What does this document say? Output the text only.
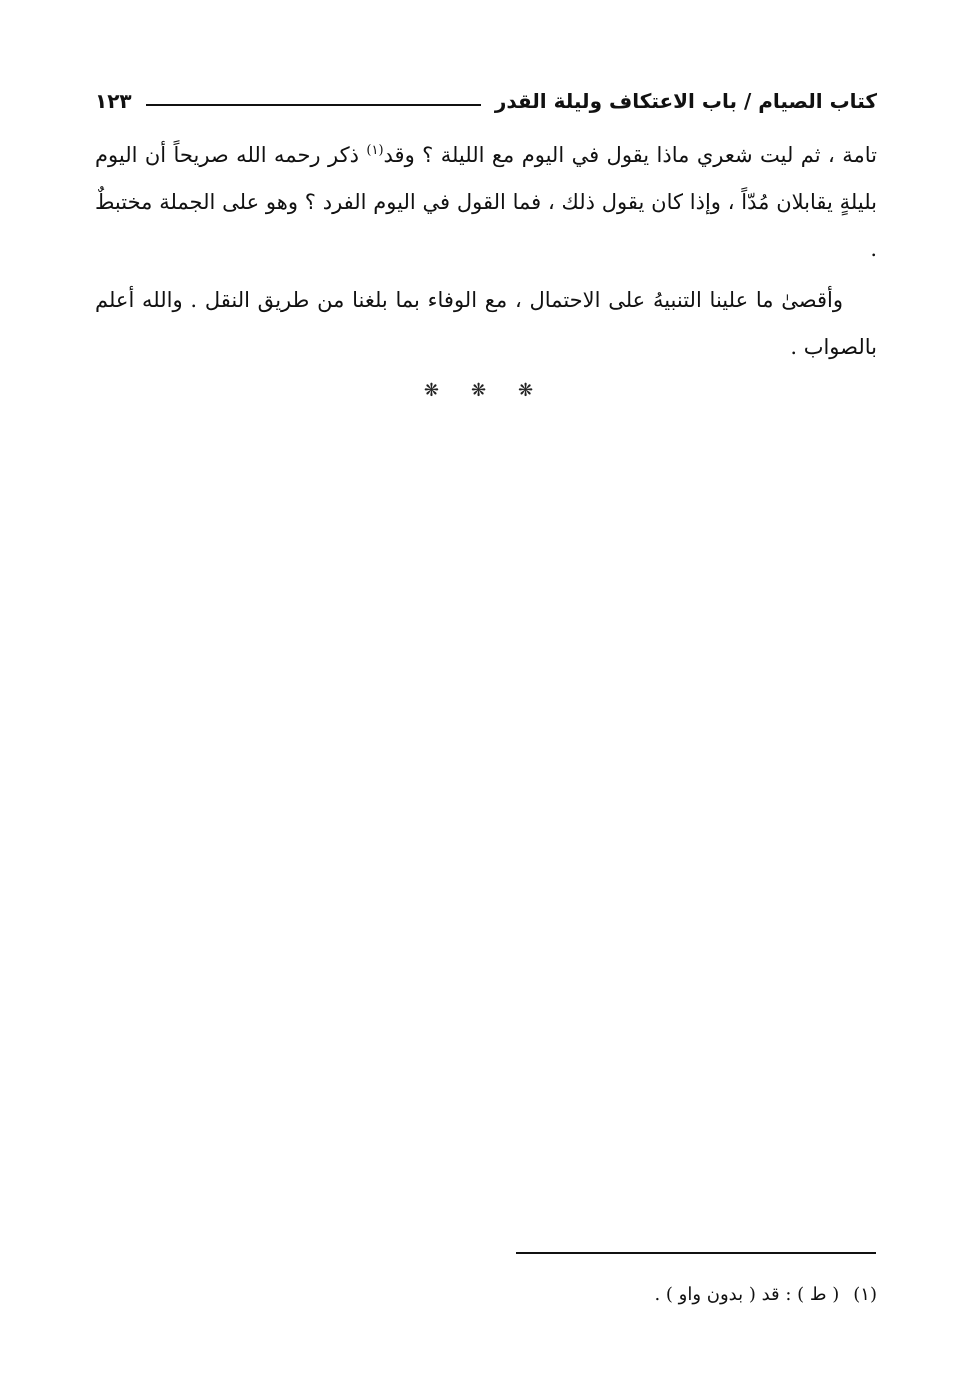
كتاب الصيام / باب الاعتكاف وليلة القدر
١٢٣

تامة ، ثم ليت شعري ماذا يقول في اليوم مع الليلة ؟ وقد$^{(١)}$ ذكر رحمه الله صريحاً أن اليوم بليلةٍ يقابلان مُدّاً ، وإذا كان يقول ذلك ، فما القول في اليوم الفرد ؟ وهو على الجملة مختبطٌ .

وأقصىٰ ما علينا التنبيهُ على الاحتمال ، مع الوفاء بما بلغنا من طريق النقل . والله أعلم بالصواب .

❋ ❋ ❋
(١)( ط ) : قد ( بدون واو ) .
